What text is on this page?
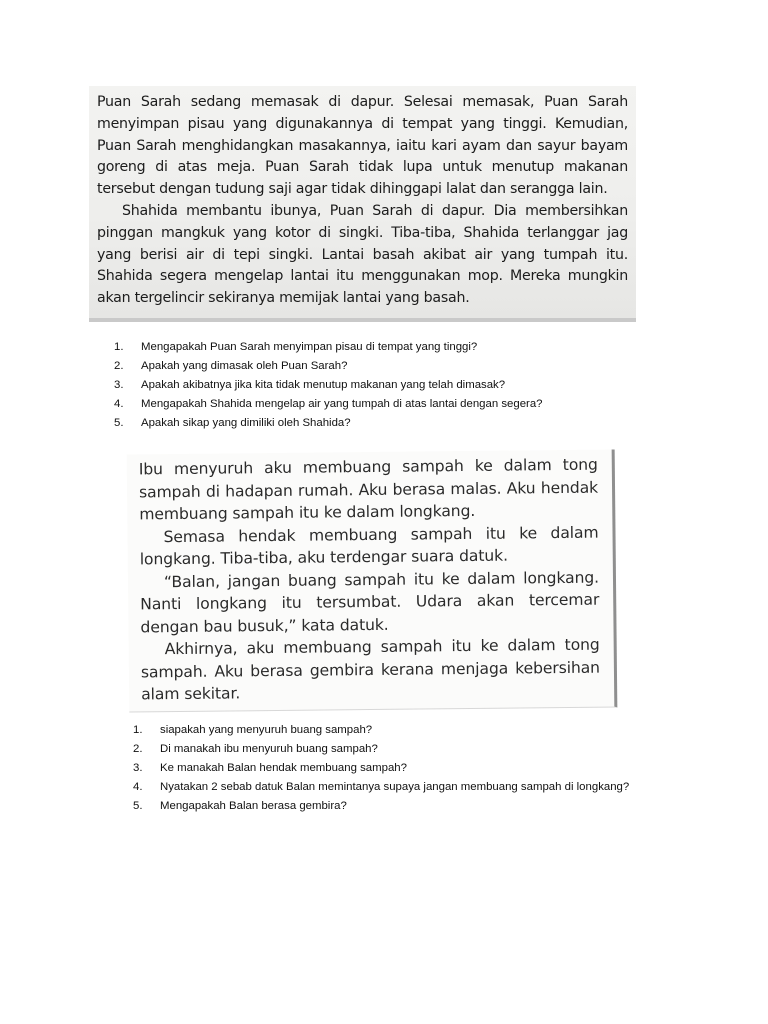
Puan Sarah sedang memasak di dapur. Selesai memasak, Puan Sarah menyimpan pisau yang digunakannya di tempat yang tinggi. Kemudian, Puan Sarah menghidangkan masakannya, iaitu kari ayam dan sayur bayam goreng di atas meja. Puan Sarah tidak lupa untuk menutup makanan tersebut dengan tudung saji agar tidak dihinggapi lalat dan serangga lain.

Shahida membantu ibunya, Puan Sarah di dapur. Dia membersihkan pinggan mangkuk yang kotor di singki. Tiba-tiba, Shahida terlanggar jag yang berisi air di tepi singki. Lantai basah akibat air yang tumpah itu. Shahida segera mengelap lantai itu menggunakan mop. Mereka mungkin akan tergelincir sekiranya memijak lantai yang basah.

1.	Mengapakah Puan Sarah menyimpan pisau di tempat yang tinggi?
2.	Apakah yang dimasak oleh Puan Sarah?
3.	Apakah akibatnya jika kita tidak menutup makanan yang telah dimasak?
4.	Mengapakah Shahida mengelap air yang tumpah di atas lantai dengan segera?
5.	Apakah sikap yang dimiliki oleh Shahida?

Ibu menyuruh aku membuang sampah ke dalam tong sampah di hadapan rumah. Aku berasa malas. Aku hendak membuang sampah itu ke dalam longkang.

Semasa hendak membuang sampah itu ke dalam longkang. Tiba-tiba, aku terdengar suara datuk.

“Balan, jangan buang sampah itu ke dalam longkang. Nanti longkang itu tersumbat. Udara akan tercemar dengan bau busuk,” kata datuk.

Akhirnya, aku membuang sampah itu ke dalam tong sampah. Aku berasa gembira kerana menjaga kebersihan alam sekitar.

1.	siapakah yang menyuruh buang sampah?
2.	Di manakah ibu menyuruh buang sampah?
3.	Ke manakah Balan hendak membuang sampah?
4.	Nyatakan 2 sebab datuk Balan memintanya supaya jangan membuang sampah di longkang?
5.	Mengapakah Balan berasa gembira?
